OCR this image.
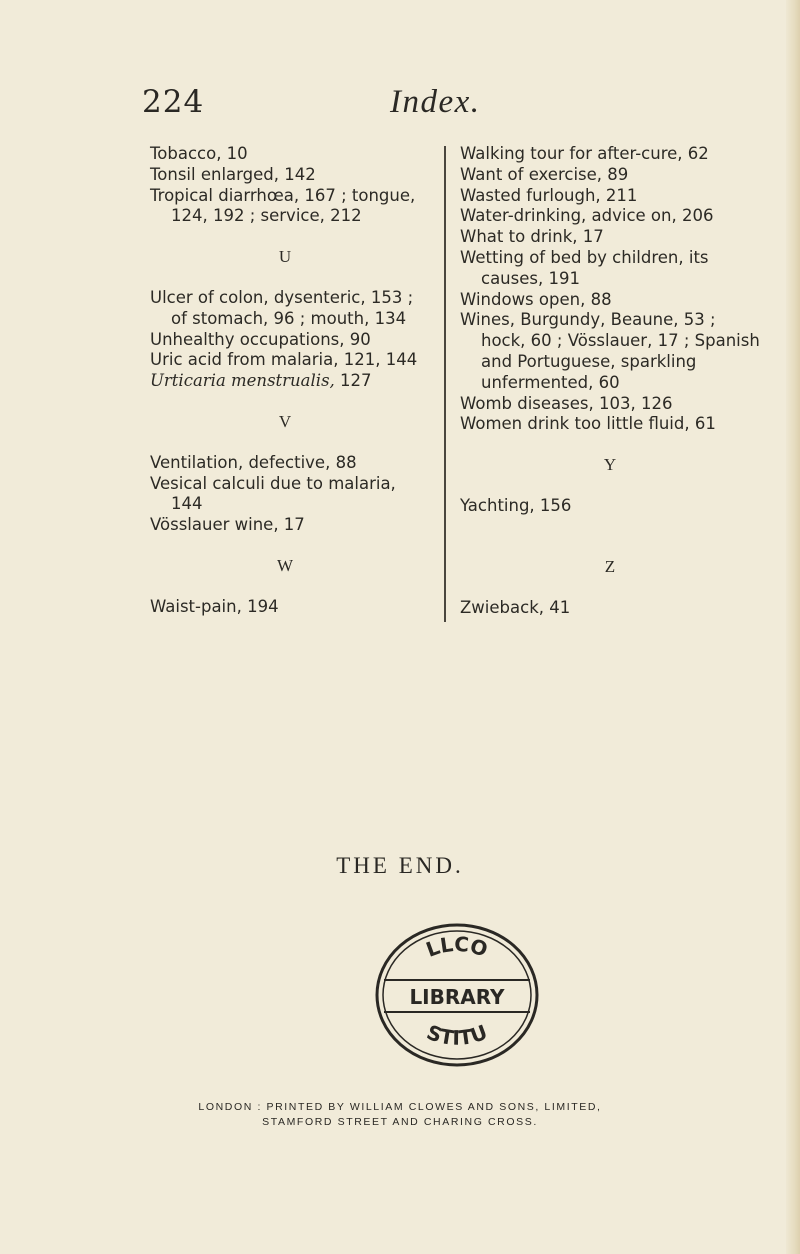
224	Index.

Tobacco, 10

Tonsil enlarged, 142

Tropical diarrhœa, 167 ; tongue, 124, 192 ; service, 212

U

Ulcer of colon, dysenteric, 153 ; of stomach, 96 ; mouth, 134

Unhealthy occupations, 90

Uric acid from malaria, 121, 144

Urticaria menstrualis, 127

V

Ventilation, defective, 88

Vesical calculi due to malaria, 144

Vösslauer wine, 17

W

Waist-pain, 194

Walking tour for after-cure, 62

Want of exercise, 89

Wasted furlough, 211

Water-drinking, advice on, 206

What to drink, 17

Wetting of bed by children, its causes, 191

Windows open, 88

Wines, Burgundy, Beaune, 53 ; hock, 60 ; Vösslauer, 17 ; Spanish and Portuguese, sparkling unfermented, 60

Womb diseases, 103, 126

Women drink too little fluid, 61

Y

Yachting, 156

Z

Zwieback, 41

THE END.
LLCO
LIBRARY
STITU
LONDON : PRINTED BY WILLIAM CLOWES AND SONS, LIMITED,
STAMFORD STREET AND CHARING CROSS.
